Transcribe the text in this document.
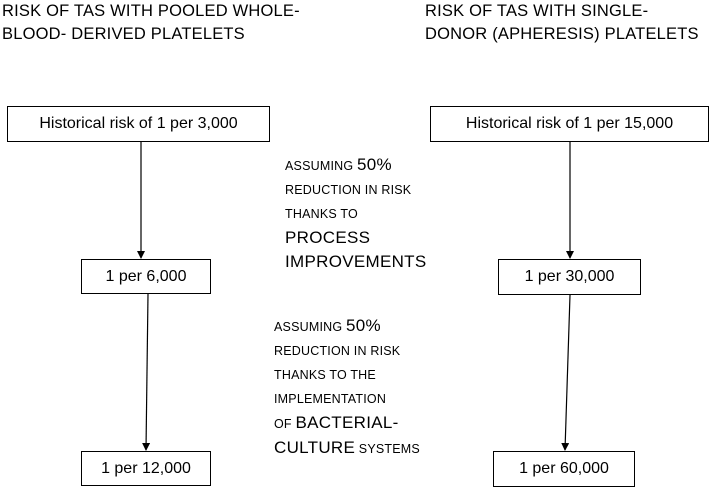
RISK OF TAS WITH POOLED WHOLE-
BLOOD- DERIVED PLATELETS
RISK OF TAS WITH SINGLE-
DONOR (APHERESIS) PLATELETS
Historical risk of 1 per 3,000
1 per 6,000
1 per 12,000
Historical risk of 1 per 15,000
1 per 30,000
1 per 60,000
ASSUMING 50%
REDUCTION IN RISK
THANKS TO
PROCESS
IMPROVEMENTS
ASSUMING 50%
REDUCTION IN RISK
THANKS TO THE
IMPLEMENTATION
OF BACTERIAL-
CULTURE SYSTEMS
